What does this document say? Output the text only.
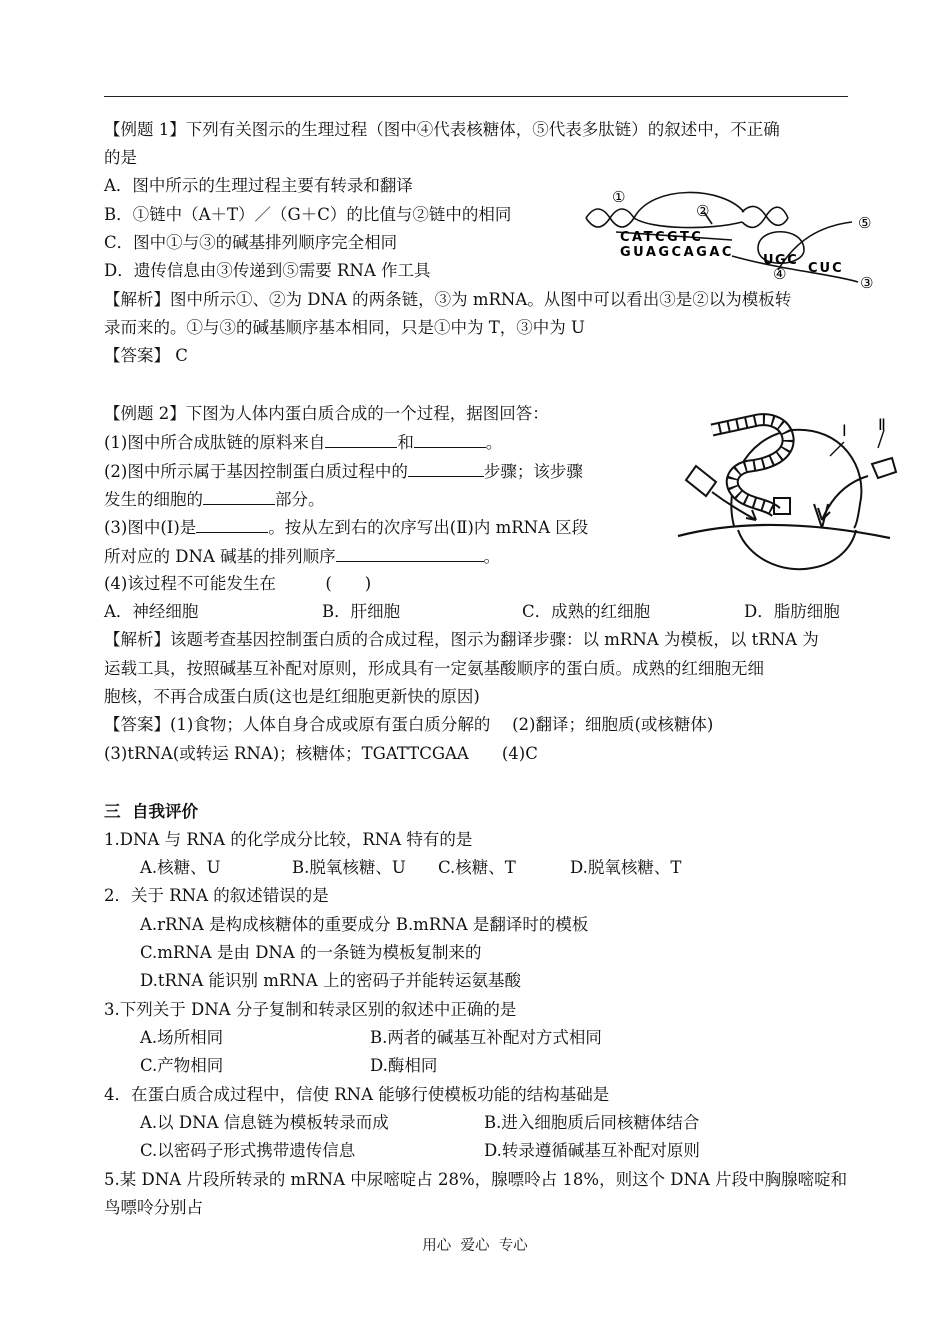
【例题 1】下列有关图示的生理过程（图中④代表核糖体，⑤代表多肽链）的叙述中，不正确
的是
A．图中所示的生理过程主要有转录和翻译
B．①链中（A＋T）／（G＋C）的比值与②链中的相同
C．图中①与③的碱基排列顺序完全相同
D．遗传信息由③传递到⑤需要 RNA 作工具
①
②
⑤
④	③
CATCGTC
GUAGCAGAC
UGC
CUC
【解析】图中所示①、②为 DNA 的两条链，③为 mRNA。从图中可以看出③是②以为模板转
录而来的。①与③的碱基顺序基本相同，只是①中为 T，③中为 U
【答案】 C
【例题 2】下图为人体内蛋白质合成的一个过程，据图回答：
(1)图中所合成肽链的原料来自	和	。
(2)图中所示属于基因控制蛋白质过程中的	步骤；该步骤
发生的细胞的	部分。
(3)图中(Ⅰ)是	。按从左到右的次序写出(Ⅱ)内 mRNA 区段
所对应的 DNA 碱基的排列顺序	。
(4)该过程不可能发生在　　　(　　)
Ⅰ Ⅱ
A．神经细胞	B．肝细胞	C．成熟的红细胞	D．脂肪细胞
【解析】该题考查基因控制蛋白质的合成过程，图示为翻译步骤：以 mRNA 为模板，以 tRNA 为
运载工具，按照碱基互补配对原则，形成具有一定氨基酸顺序的蛋白质。成熟的红细胞无细
胞核，不再合成蛋白质(这也是红细胞更新快的原因)
【答案】(1)食物；人体自身合成或原有蛋白质分解的　 (2)翻译；细胞质(或核糖体)
(3)tRNA(或转运 RNA)；核糖体；TGATTCGAA　　(4)C
三  自我评价
1.DNA 与 RNA 的化学成分比较，RNA 特有的是
A.核糖、U	B.脱氧核糖、U C.核糖、T	D.脱氧核糖、T
2．关于 RNA 的叙述错误的是
A.rRNA 是构成核糖体的重要成分 B.mRNA 是翻译时的模板
C.mRNA 是由 DNA 的一条链为模板复制来的
D.tRNA 能识别 mRNA 上的密码子并能转运氨基酸
3.下列关于 DNA 分子复制和转录区别的叙述中正确的是
A.场所相同	B.两者的碱基互补配对方式相同
C.产物相同	D.酶相同
4．在蛋白质合成过程中，信使 RNA 能够行使模板功能的结构基础是
A.以 DNA 信息链为模板转录而成	B.进入细胞质后同核糖体结合
C.以密码子形式携带遗传信息	D.转录遵循碱基互补配对原则
5.某 DNA 片段所转录的 mRNA 中尿嘧啶占 28%，腺嘌呤占 18%，则这个 DNA 片段中胸腺嘧啶和
鸟嘌呤分别占
用心  爱心  专心
